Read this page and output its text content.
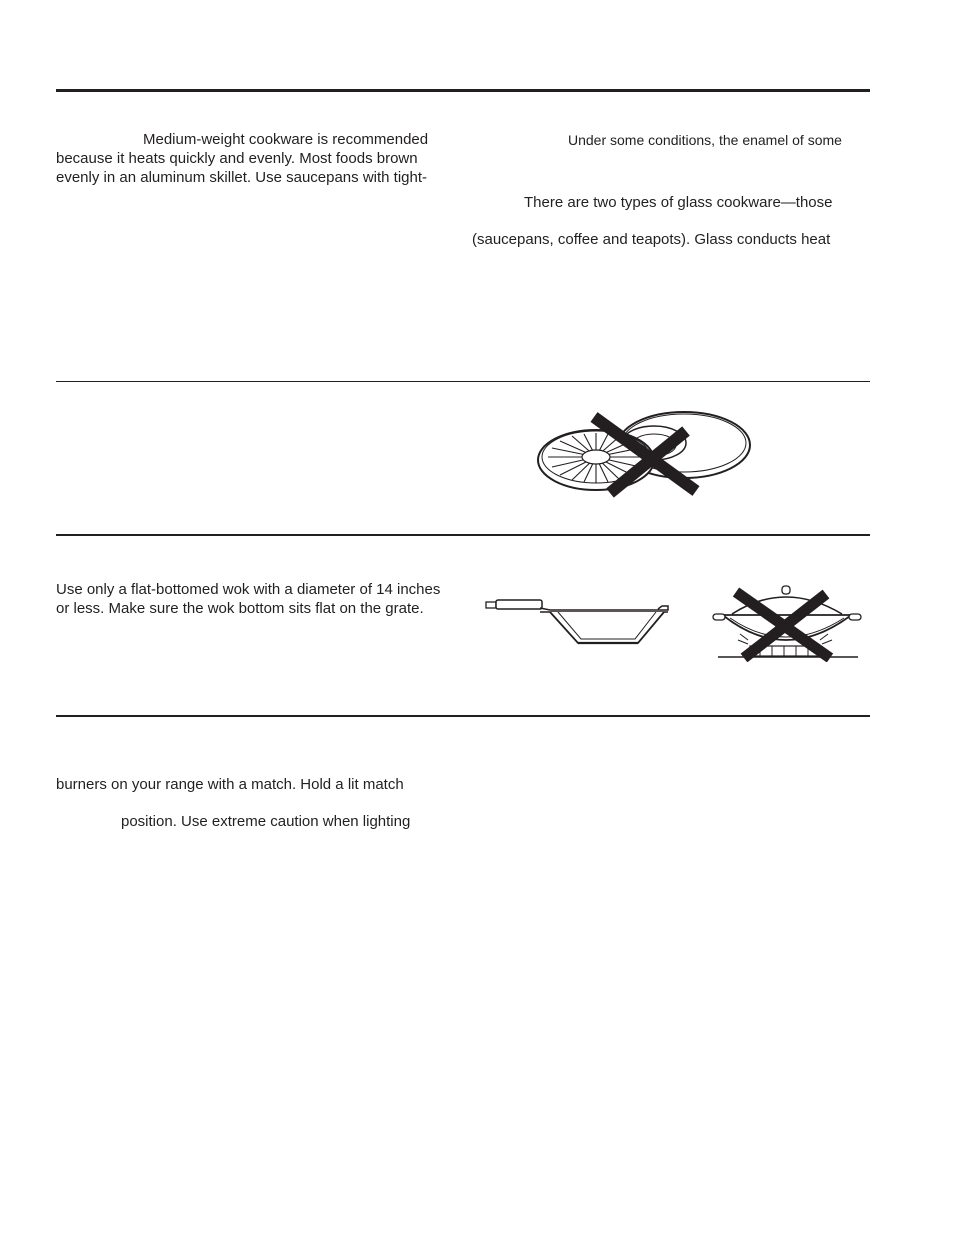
Medium-weight cookware is recommended
because it heats quickly and evenly. Most foods brown
evenly in an aluminum skillet. Use saucepans with tight-
Under some conditions, the enamel of some
There are two types of glass cookware—those
(saucepans, coffee and teapots). Glass conducts heat
Use only a flat-bottomed wok with a diameter of 14 inches
or less. Make sure the wok bottom sits flat on the grate.
burners on your range with a match. Hold a lit match
position. Use extreme caution when lighting
